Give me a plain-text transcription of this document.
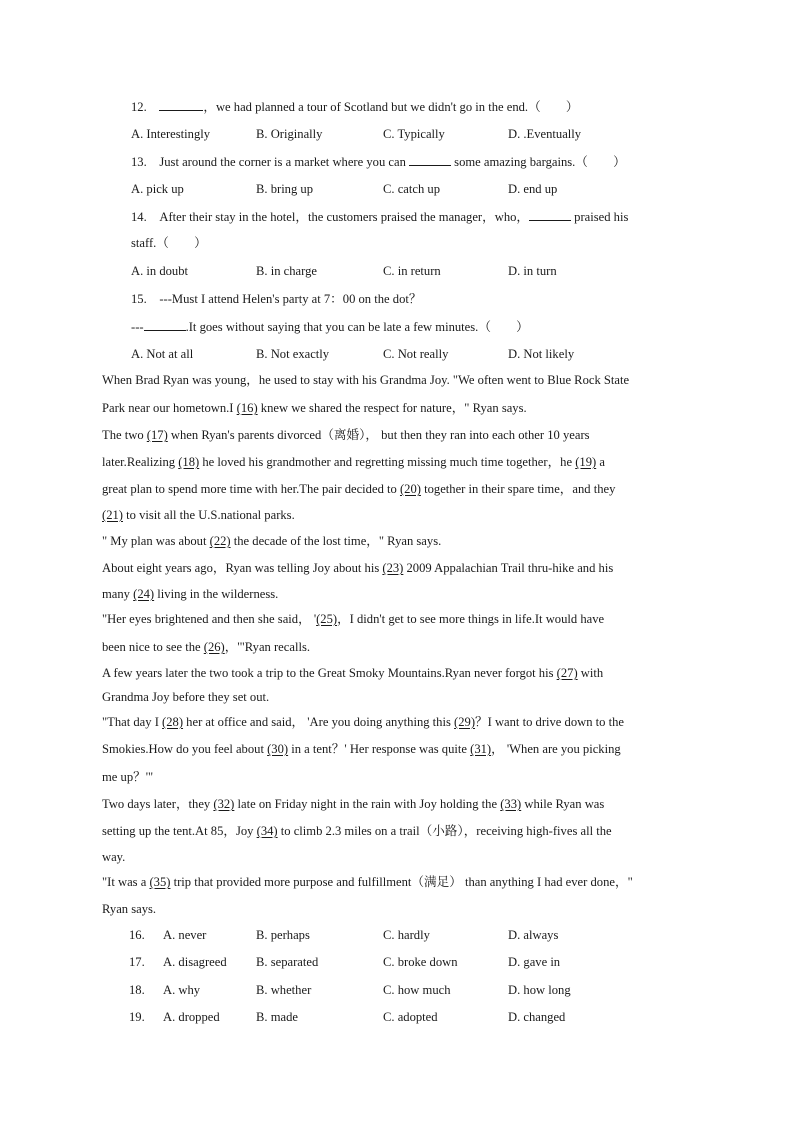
12.	，we had planned a tour of Scotland but we didn't go in the end.（　　）
A. Interestingly	B. Originally	C. Typically	D. .Eventually
13. Just around the corner is a market where you can	some amazing bargains.（　　）
A. pick up	B. bring up	C. catch up	D. end up
14. After their stay in the hotel，the customers praised the manager，who，	praised his
staff.（　　）
A. in doubt	B. in charge	C. in return	D. in turn
15. ---Must I attend Helen's party at 7：00 on the dot？
---	.It goes without saying that you can be late a few minutes.（　　）
A. Not at all	B. Not exactly	C. Not really	D. Not likely
When Brad Ryan was young，he used to stay with his Grandma Joy. "We often went to Blue Rock State
Park near our hometown.I (16) knew we shared the respect for nature，" Ryan says.
The two (17) when Ryan's parents divorced（离婚）， but then they ran into each other 10 years
later.Realizing (18) he loved his grandmother and regretting missing much time together，he (19) a
great plan to spend more time with her.The pair decided to (20) together in their spare time，and they
(21) to visit all the U.S.national parks.
" My plan was about (22) the decade of the lost time，" Ryan says.
About eight years ago，Ryan was telling Joy about his (23) 2009 Appalachian Trail thru-hike and his
many (24) living in the wilderness.
"Her eyes brightened and then she said， '(25)，I didn't get to see more things in life.It would have
been nice to see the (26)，'"Ryan recalls.
A few years later the two took a trip to the Great Smoky Mountains.Ryan never forgot his (27) with
Grandma Joy before they set out.
"That day I (28) her at office and said， 'Are you doing anything this (29)？I want to drive down to the
Smokies.How do you feel about (30) in a tent？' Her response was quite (31)， 'When are you picking
me up？'"
Two days later，they (32) late on Friday night in the rain with Joy holding the (33) while Ryan was
setting up the tent.At 85，Joy (34) to climb 2.3 miles on a trail（小路），receiving high-fives all the
way.
"It was a (35) trip that provided more purpose and fulfillment（满足） than anything I had ever done，"
Ryan says.
16. A. never	B. perhaps	C. hardly	D. always
17. A. disagreed B. separated	C. broke down	D. gave in
18. A. why	B. whether	C. how much	D. how long
19. A. dropped	B. made	C. adopted	D. changed
